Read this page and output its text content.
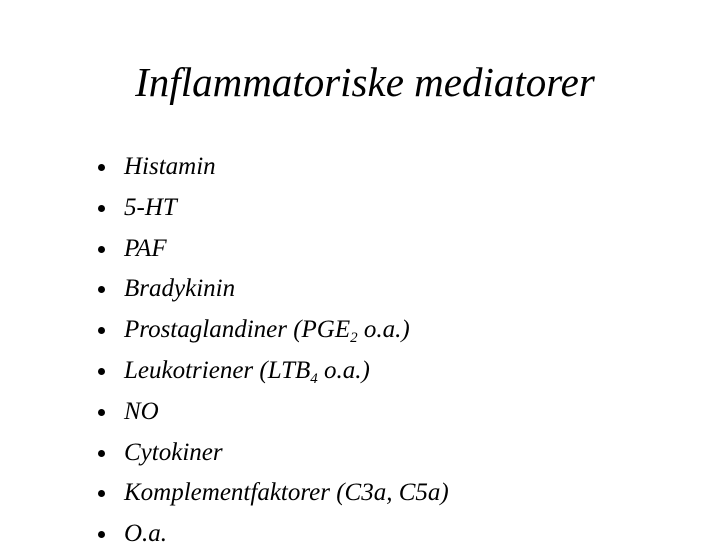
Inflammatoriske mediatorer
Histamin
5-HT
PAF
Bradykinin
Prostaglandiner ($PGE_2$ o.a.)
Leukotriener ($LTB_4$ o.a.)
NO
Cytokiner
Komplementfaktorer (C3a, C5a)
O.a.
